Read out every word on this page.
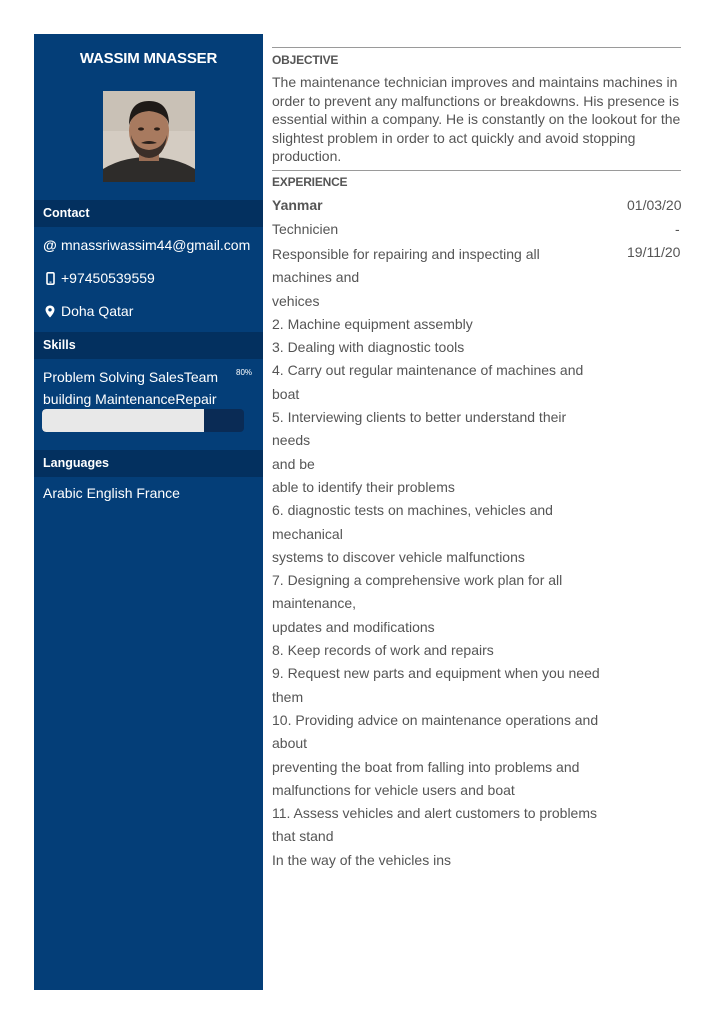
WASSIM MNASSER
Contact
@ mnassriwassim44@gmail.com
+97450539559
Doha Qatar
Skills
Problem Solving SalesTeam building MaintenanceRepair
80%
Languages
Arabic English France
OBJECTIVE
The maintenance technician improves and maintains machines in order to prevent any malfunctions or breakdowns. His presence is essential within a company. He is constantly on the lookout for the slightest problem in order to act quickly and avoid stopping production.
EXPERIENCE
Yanmar
Technicien
01/03/20
-
19/11/20
Responsible for repairing and inspecting all
machines and
vehices
2. Machine equipment assembly
3. Dealing with diagnostic tools
4. Carry out regular maintenance of machines and
boat
5. Interviewing clients to better understand their
needs
and be
able to identify their problems
6. diagnostic tests on machines, vehicles and
mechanical
systems to discover vehicle malfunctions
7. Designing a comprehensive work plan for all
maintenance,
updates and modifications
8. Keep records of work and repairs
9. Request new parts and equipment when you need
them
10. Providing advice on maintenance operations and
about
preventing the boat from falling into problems and
malfunctions for vehicle users and boat
11. Assess vehicles and alert customers to problems
that stand
In the way of the vehicles ins
